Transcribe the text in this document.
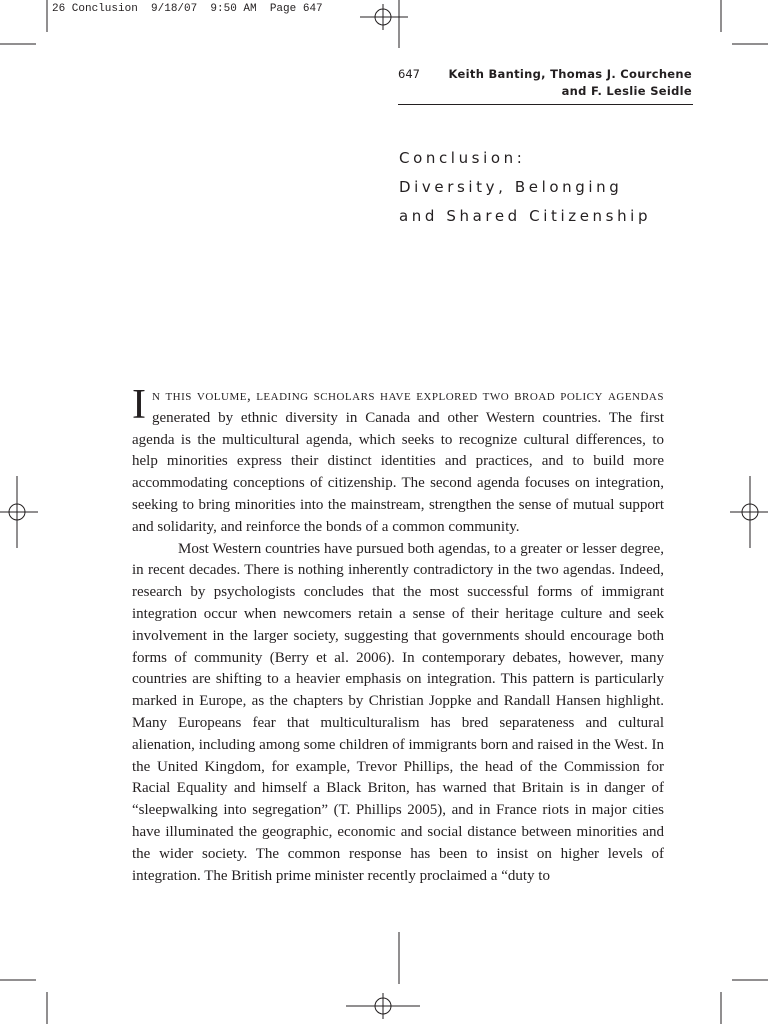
26 Conclusion  9/18/07  9:50 AM  Page 647
647 Keith Banting, Thomas J. Courchene
and F. Leslie Seidle
Conclusion:
Diversity, Belonging
and Shared Citizenship

In this volume, leading scholars have explored two broad policy agendas generated by ethnic diversity in Canada and other Western countries. The first agenda is the multicultural agenda, which seeks to recognize cultural differences, to help minorities express their distinct identities and practices, and to build more accommodating conceptions of citizenship. The second agenda focuses on integration, seeking to bring minorities into the mainstream, strengthen the sense of mutual support and solidarity, and reinforce the bonds of a common community.

Most Western countries have pursued both agendas, to a greater or lesser degree, in recent decades. There is nothing inherently contradictory in the two agendas. Indeed, research by psychologists concludes that the most successful forms of immigrant integration occur when newcomers retain a sense of their heritage culture and seek involvement in the larger society, suggesting that governments should encourage both forms of community (Berry et al. 2006). In contemporary debates, however, many countries are shifting to a heavier emphasis on integration. This pattern is particularly marked in Europe, as the chapters by Christian Joppke and Randall Hansen highlight. Many Europeans fear that multiculturalism has bred separateness and cultural alienation, including among some children of immigrants born and raised in the West. In the United Kingdom, for example, Trevor Phillips, the head of the Commission for Racial Equality and himself a Black Briton, has warned that Britain is in danger of “sleepwalking into segregation” (T. Phillips 2005), and in France riots in major cities have illuminated the geographic, economic and social distance between minorities and the wider society. The common response has been to insist on higher levels of integration. The British prime minister recently proclaimed a “duty to
